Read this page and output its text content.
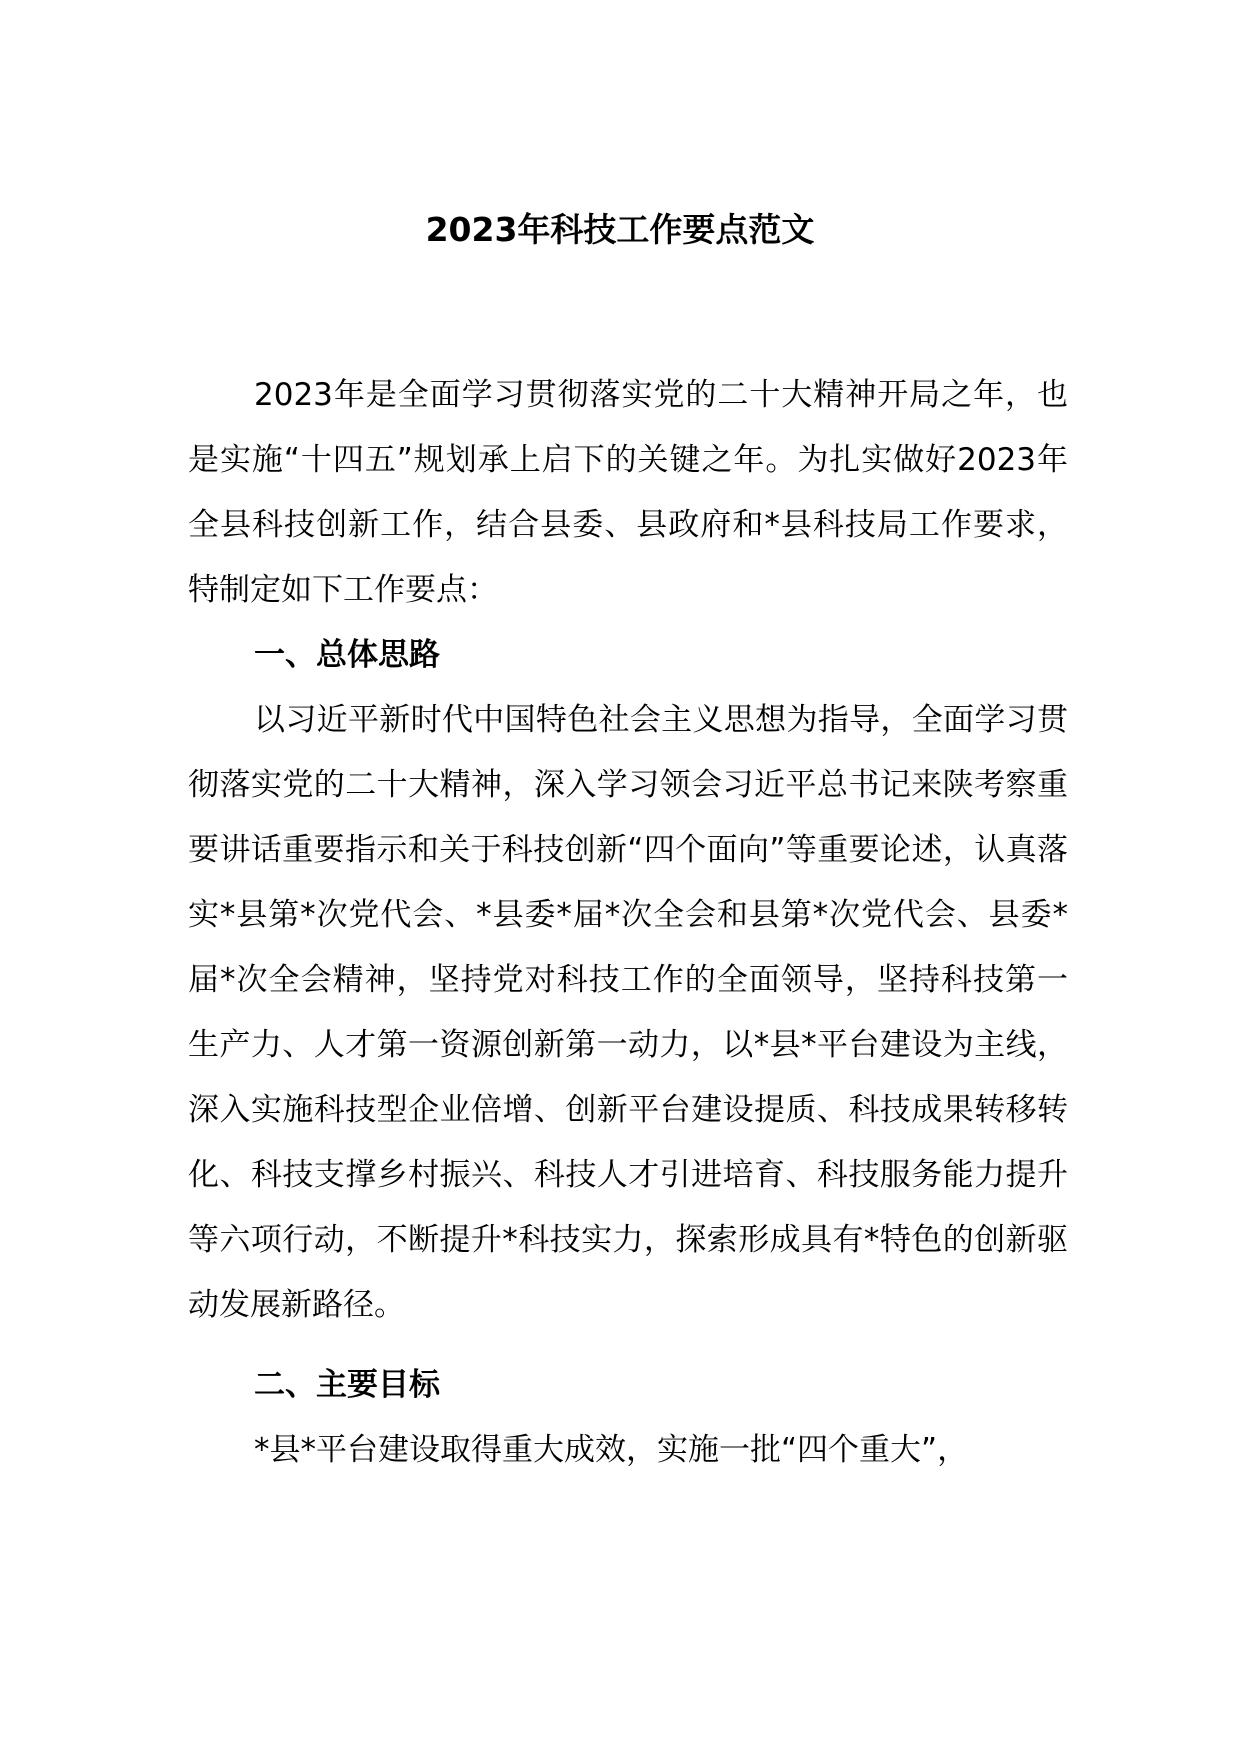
2023年科技工作要点范文

2023年是全面学习贯彻落实党的二十大精神开局之年，也是实施“十四五”规划承上启下的关键之年。为扎实做好2023年全县科技创新工作，结合县委、县政府和*县科技局工作要求，特制定如下工作要点：

一、总体思路

以习近平新时代中国特色社会主义思想为指导，全面学习贯彻落实党的二十大精神，深入学习领会习近平总书记来陕考察重要讲话重要指示和关于科技创新“四个面向”等重要论述，认真落实*县第*次党代会、*县委*届*次全会和县第*次党代会、县委*届*次全会精神，坚持党对科技工作的全面领导，坚持科技第一生产力、人才第一资源创新第一动力，以*县*平台建设为主线，深入实施科技型企业倍增、创新平台建设提质、科技成果转移转化、科技支撑乡村振兴、科技人才引进培育、科技服务能力提升等六项行动，不断提升*科技实力，探索形成具有*特色的创新驱动发展新路径。

二、主要目标

*县*平台建设取得重大成效，实施一批“四个重大”，
